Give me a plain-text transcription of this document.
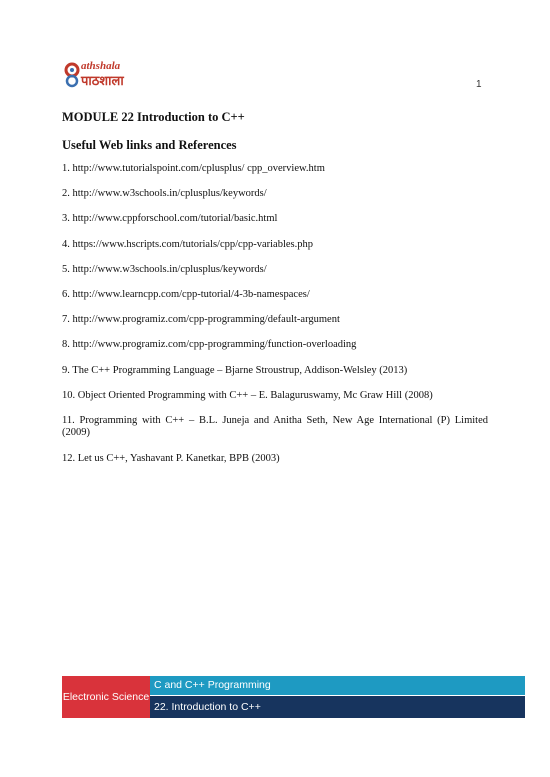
athshala
पाठशाला	1
MODULE 22 Introduction to C++
Useful Web links and References
1. http://www.tutorialspoint.com/cplusplus/ cpp_overview.htm
2. http://www.w3schools.in/cplusplus/keywords/
3. http://www.cppforschool.com/tutorial/basic.html
4. https://www.hscripts.com/tutorials/cpp/cpp-variables.php
5. http://www.w3schools.in/cplusplus/keywords/
6. http://www.learncpp.com/cpp-tutorial/4-3b-namespaces/
7. http://www.programiz.com/cpp-programming/default-argument
8. http://www.programiz.com/cpp-programming/function-overloading
9. The C++ Programming Language – Bjarne Stroustrup, Addison-Welsley (2013)
10. Object Oriented Programming with C++ – E. Balaguruswamy, Mc Graw Hill (2008)
11. Programming with C++ – B.L. Juneja and Anitha Seth, New Age International (P) Limited (2009)
12. Let us C++, Yashavant P. Kanetkar, BPB (2003)
Electronic Science
C and C++ Programming
22. Introduction to C++
